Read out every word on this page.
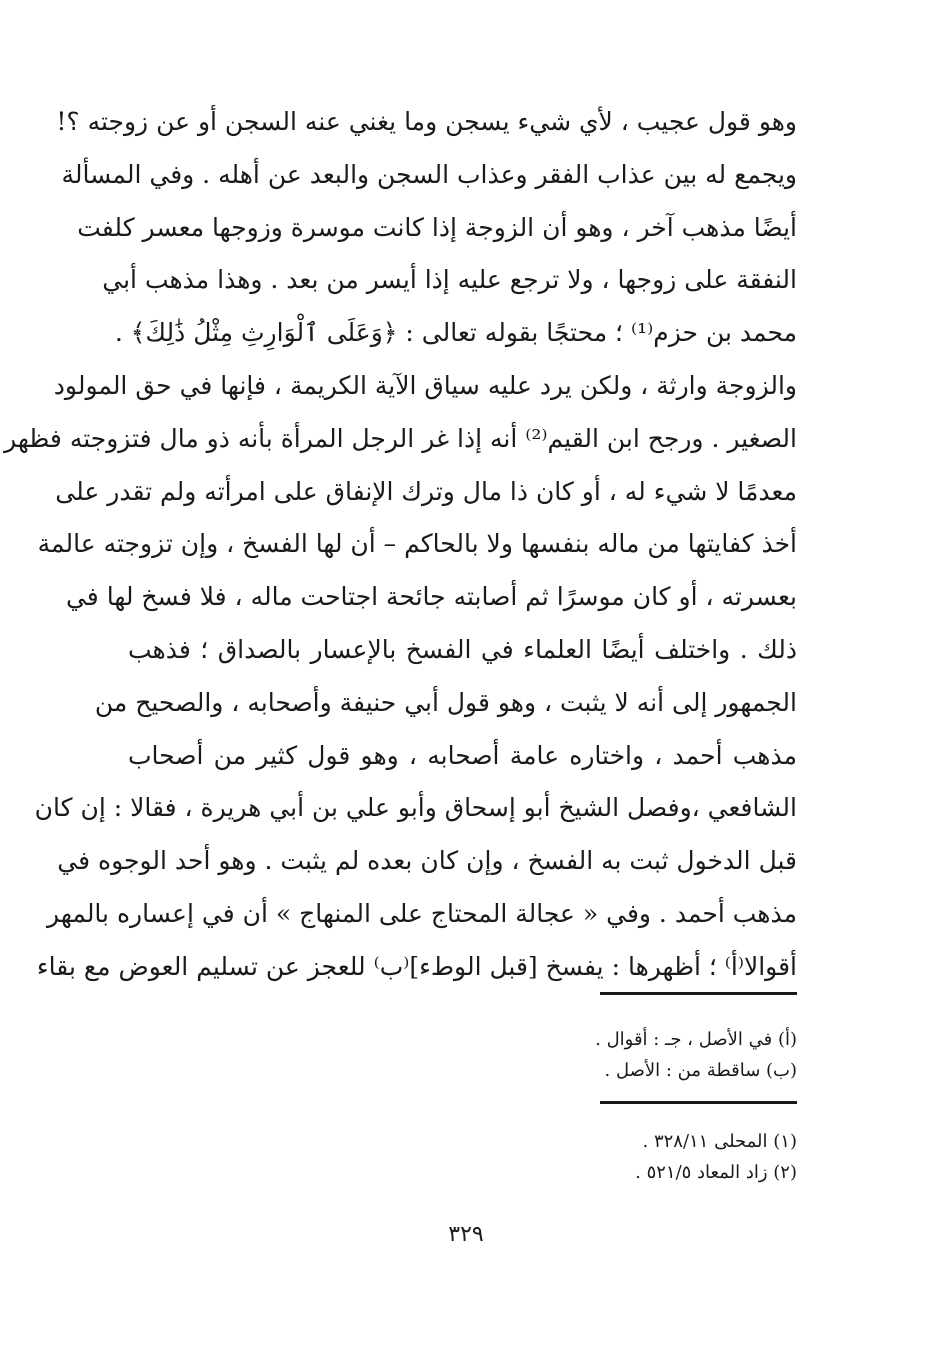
وهو قول عجيب ، لأي شيء يسجن وما يغني عنه السجن أو عن زوجته ؟!
ويجمع له بين عذاب الفقر وعذاب السجن والبعد عن أهله . وفي المسألة
أيضًا مذهب آخر ، وهو أن الزوجة إذا كانت موسرة وزوجها معسر كلفت
النفقة على زوجها ، ولا ترجع عليه إذا أيسر من بعد . وهذا مذهب أبي
محمد بن حزم⁽¹⁾ ؛ محتجًا بقوله تعالى : ﴿وَعَلَى ٱلْوَارِثِ مِثْلُ ذَٰلِكَ﴾ .
والزوجة وارثة ، ولكن يرد عليه سياق الآية الكريمة ، فإنها في حق المولود
الصغير . ورجح ابن القيم⁽²⁾ أنه إذا غر الرجل المرأة بأنه ذو مال فتزوجته فظهر
معدمًا لا شيء له ، أو كان ذا مال وترك الإنفاق على امرأته ولم تقدر على
أخذ كفايتها من ماله بنفسها ولا بالحاكم – أن لها الفسخ ، وإن تزوجته عالمة
بعسرته ، أو كان موسرًا ثم أصابته جائحة اجتاحت ماله ، فلا فسخ لها في
ذلك . واختلف أيضًا العلماء في الفسخ بالإعسار بالصداق ؛ فذهب
الجمهور إلى أنه لا يثبت ، وهو قول أبي حنيفة وأصحابه ، والصحيح من
مذهب أحمد ، واختاره عامة أصحابه ، وهو قول كثير من أصحاب
الشافعي ،وفصل الشيخ أبو إسحاق وأبو علي بن أبي هريرة ، فقالا : إن كان
قبل الدخول ثبت به الفسخ ، وإن كان بعده لم يثبت . وهو أحد الوجوه في
مذهب أحمد . وفي « عجالة المحتاج على المنهاج » أن في إعساره بالمهر
أقوالا⁽أ⁾ ؛ أظهرها : يفسخ [قبل الوطء]⁽ب⁾ للعجز عن تسليم العوض مع بقاء
(أ) في الأصل ، جـ : أقوال .
(ب) ساقطة من : الأصل .
(١) المحلى ٣٢٨/١١ .
(٢) زاد المعاد ٥٢١/٥ .
٣٢٩
